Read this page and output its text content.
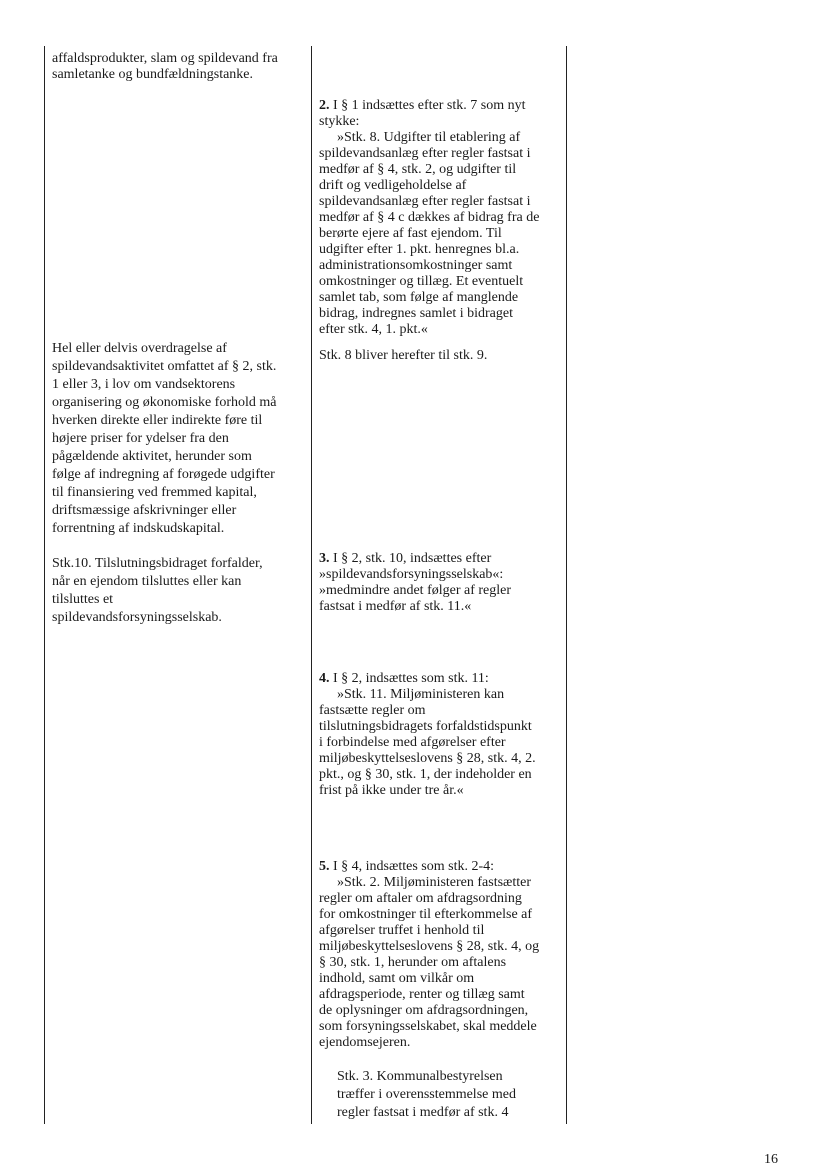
affaldsprodukter, slam og spildevand fra
samletanke og bundfældningstanke.
Hel eller delvis overdragelse af
spildevandsaktivitet omfattet af § 2, stk.
1 eller 3, i lov om vandsektorens
organisering og økonomiske forhold må
hverken direkte eller indirekte føre til
højere priser for ydelser fra den
pågældende aktivitet, herunder som
følge af indregning af forøgede udgifter
til finansiering ved fremmed kapital,
driftsmæssige afskrivninger eller
forrentning af indskudskapital.
Stk.10. Tilslutningsbidraget forfalder,
når en ejendom tilsluttes eller kan
tilsluttes et
spildevandsforsyningsselskab.
2. I § 1 indsættes efter stk. 7 som nyt
stykke:
»Stk. 8. Udgifter til etablering af
spildevandsanlæg efter regler fastsat i
medfør af § 4, stk. 2, og udgifter til
drift og vedligeholdelse af
spildevandsanlæg efter regler fastsat i
medfør af § 4 c dækkes af bidrag fra de
berørte ejere af fast ejendom. Til
udgifter efter 1. pkt. henregnes bl.a.
administrationsomkostninger samt
omkostninger og tillæg. Et eventuelt
samlet tab, som følge af manglende
bidrag, indregnes samlet i bidraget
efter stk. 4, 1. pkt.«
Stk. 8 bliver herefter til stk. 9.
3. I § 2, stk. 10, indsættes efter
»spildevandsforsyningsselskab«:
»medmindre andet følger af regler
fastsat i medfør af stk. 11.«
4. I § 2, indsættes som stk. 11:
»Stk. 11. Miljøministeren kan
fastsætte regler om
tilslutningsbidragets forfaldstidspunkt
i forbindelse med afgørelser efter
miljøbeskyttelseslovens § 28, stk. 4, 2.
pkt., og § 30, stk. 1, der indeholder en
frist på ikke under tre år.«
5. I § 4, indsættes som stk. 2-4:
»Stk. 2. Miljøministeren fastsætter
regler om aftaler om afdragsordning
for omkostninger til efterkommelse af
afgørelser truffet i henhold til
miljøbeskyttelseslovens § 28, stk. 4, og
§ 30, stk. 1, herunder om aftalens
indhold, samt om vilkår om
afdragsperiode, renter og tillæg samt
de oplysninger om afdragsordningen,
som forsyningsselskabet, skal meddele
ejendomsejeren.
Stk. 3. Kommunalbestyrelsen
træffer i overensstemmelse med
regler fastsat i medfør af stk. 4
16
